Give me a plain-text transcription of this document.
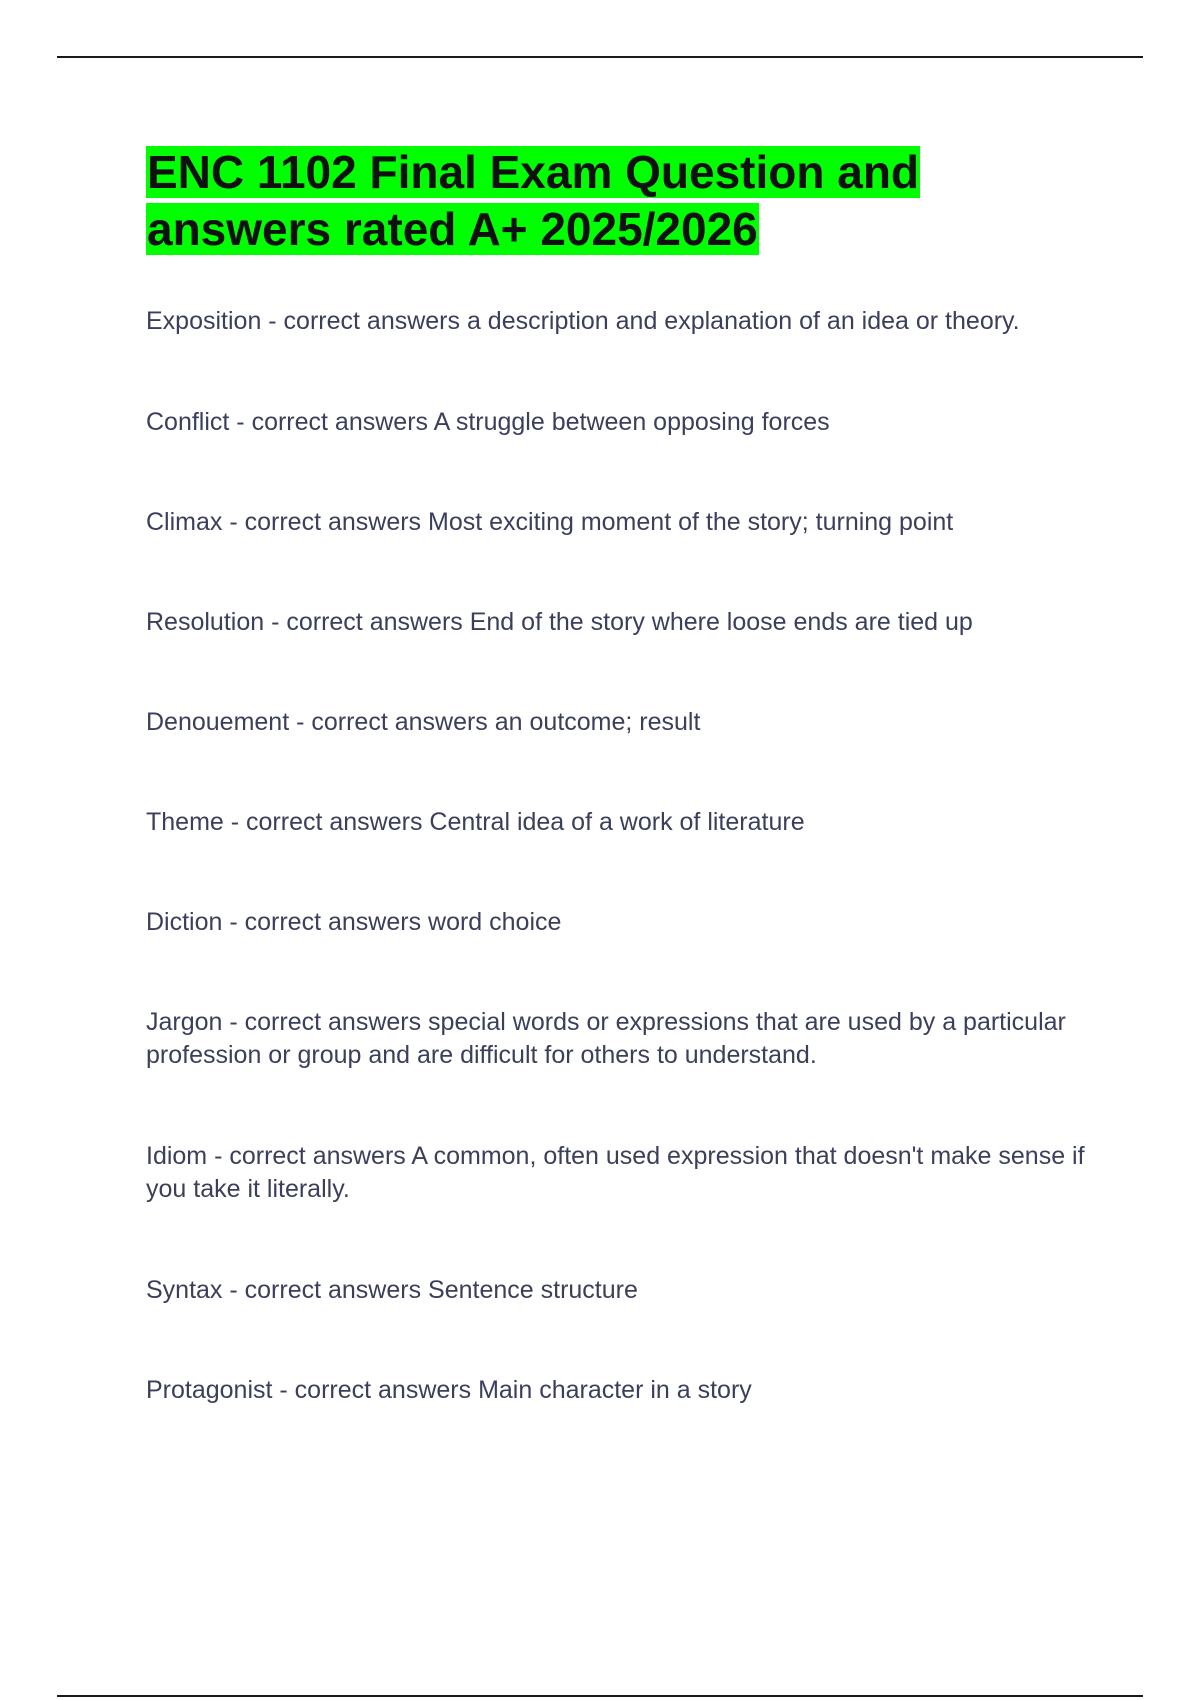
ENC 1102 Final Exam Question and answers rated A+ 2025/2026
Exposition - correct answers a description and explanation of an idea or theory.
Conflict - correct answers A struggle between opposing forces
Climax - correct answers Most exciting moment of the story; turning point
Resolution - correct answers End of the story where loose ends are tied up
Denouement - correct answers an outcome; result
Theme - correct answers Central idea of a work of literature
Diction - correct answers word choice
Jargon - correct answers special words or expressions that are used by a particular profession or group and are difficult for others to understand.
Idiom - correct answers A common, often used expression that doesn't make sense if you take it literally.
Syntax - correct answers Sentence structure
Protagonist - correct answers Main character in a story
